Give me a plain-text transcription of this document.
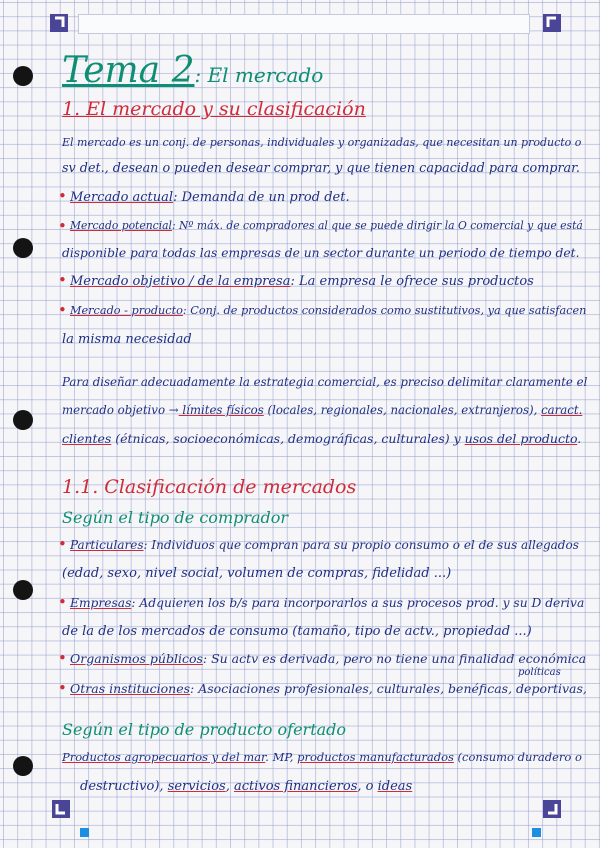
Tema 2: El mercado
1. El mercado y su clasificación
El mercado es un conj. de personas, individuales y organizadas, que necesitan un producto o
sv det., desean o pueden desear comprar, y que tienen capacidad para comprar.
• Mercado actual: Demanda de un prod det.
• Mercado potencial: Nº máx. de compradores al que se puede dirigir la O comercial y que está
disponible para todas las empresas de un sector durante un periodo de tiempo det.
• Mercado objetivo / de la empresa: La empresa le ofrece sus productos
• Mercado - producto: Conj. de productos considerados como sustitutivos, ya que satisfacen
la misma necesidad
Para diseñar adecuadamente la estrategia comercial, es preciso delimitar claramente el
mercado objetivo → límites físicos (locales, regionales, nacionales, extranjeros), caract.
clientes (étnicas, socioeconómicas, demográficas, culturales) y usos del producto.
1.1. Clasificación de mercados
Según el tipo de comprador
• Particulares: Individuos que compran para su propio consumo o el de sus allegados
(edad, sexo, nivel social, volumen de compras, fidelidad ...)
• Empresas: Adquieren los b/s para incorporarlos a sus procesos prod. y su D deriva
de la de los mercados de consumo (tamaño, tipo de actv., propiedad ...)
• Organismos públicos: Su actv es derivada, pero no tiene una finalidad económica
políticas
• Otras instituciones: Asociaciones profesionales, culturales, benéficas, deportivas,
Según el tipo de producto ofertado
Productos agropecuarios y del mar. MP, productos manufacturados (consumo duradero o
destructivo), servicios, activos financieros, o ideas
